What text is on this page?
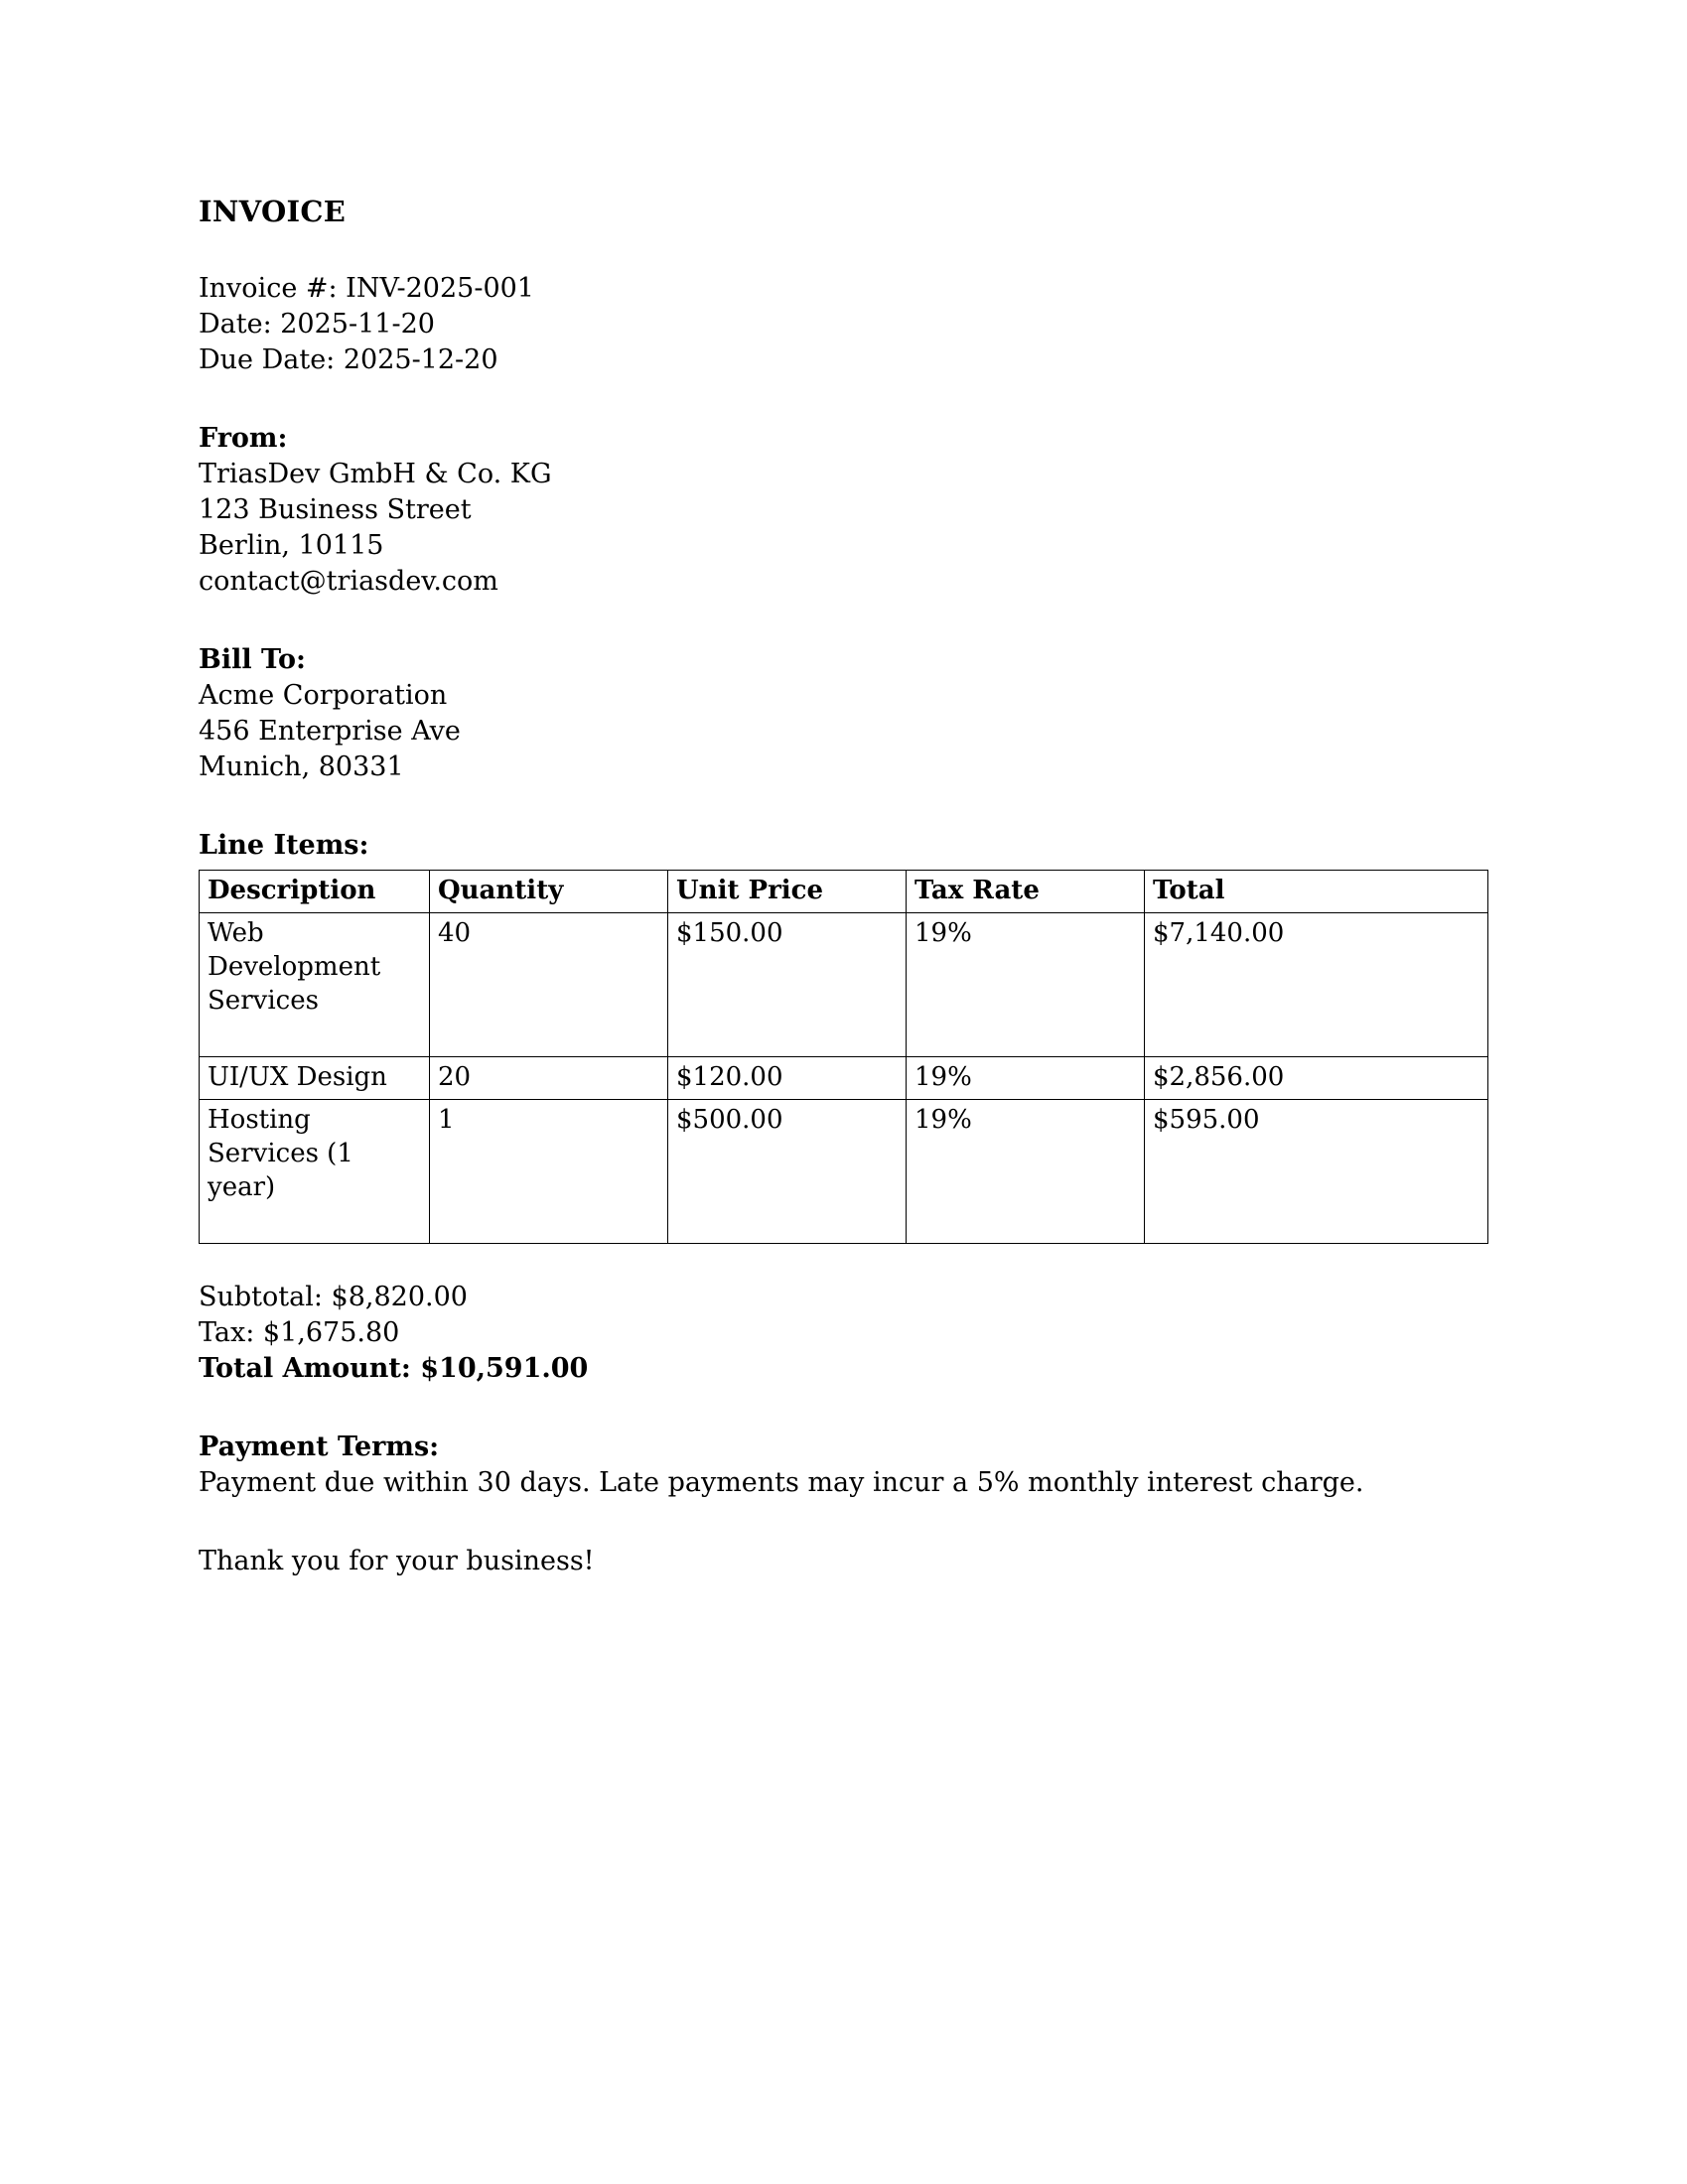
INVOICE
Invoice #: INV-2025-001
Date: 2025-11-20
Due Date: 2025-12-20
From:
TriasDev GmbH & Co. KG
123 Business Street
Berlin, 10115
contact@triasdev.com
Bill To:
Acme Corporation
456 Enterprise Ave
Munich, 80331
Line Items:
Description	Quantity	Unit Price	Tax Rate	Total
Web Development Services	40	$150.00	19%	$7,140.00
UI/UX Design	20	$120.00	19%	$2,856.00
Hosting Services (1 year)	1	$500.00	19%	$595.00
Subtotal: $8,820.00
Tax: $1,675.80
Total Amount: $10,591.00
Payment Terms:
Payment due within 30 days. Late payments may incur a 5% monthly interest charge.
Thank you for your business!
